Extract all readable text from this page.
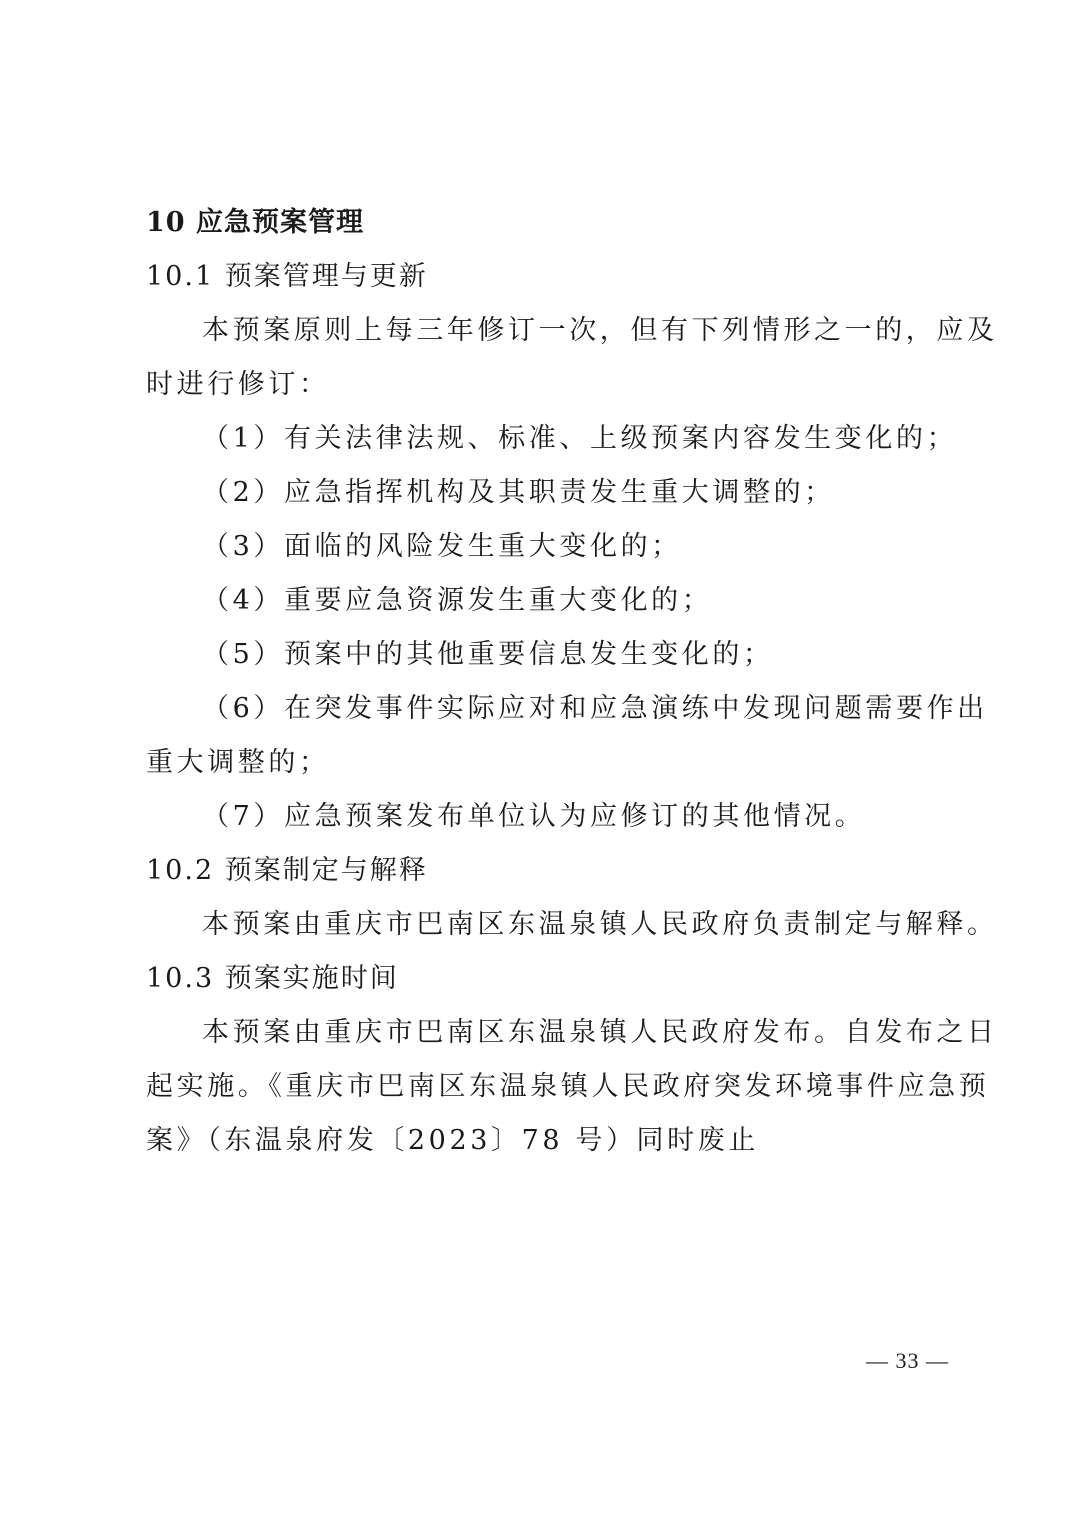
10 应急预案管理
10.1 预案管理与更新
本预案原则上每三年修订一次，但有下列情形之一的，应及
时进行修订：
（1）有关法律法规、标准、上级预案内容发生变化的；
（2）应急指挥机构及其职责发生重大调整的；
（3）面临的风险发生重大变化的；
（4）重要应急资源发生重大变化的；
（5）预案中的其他重要信息发生变化的；
（6）在突发事件实际应对和应急演练中发现问题需要作出
重大调整的；
（7）应急预案发布单位认为应修订的其他情况。
10.2 预案制定与解释
本预案由重庆市巴南区东温泉镇人民政府负责制定与解释。
10.3 预案实施时间
本预案由重庆市巴南区东温泉镇人民政府发布。自发布之日
起实施。《重庆市巴南区东温泉镇人民政府突发环境事件应急预
案》（东温泉府发〔2023〕78 号）同时废止
— 33 —
